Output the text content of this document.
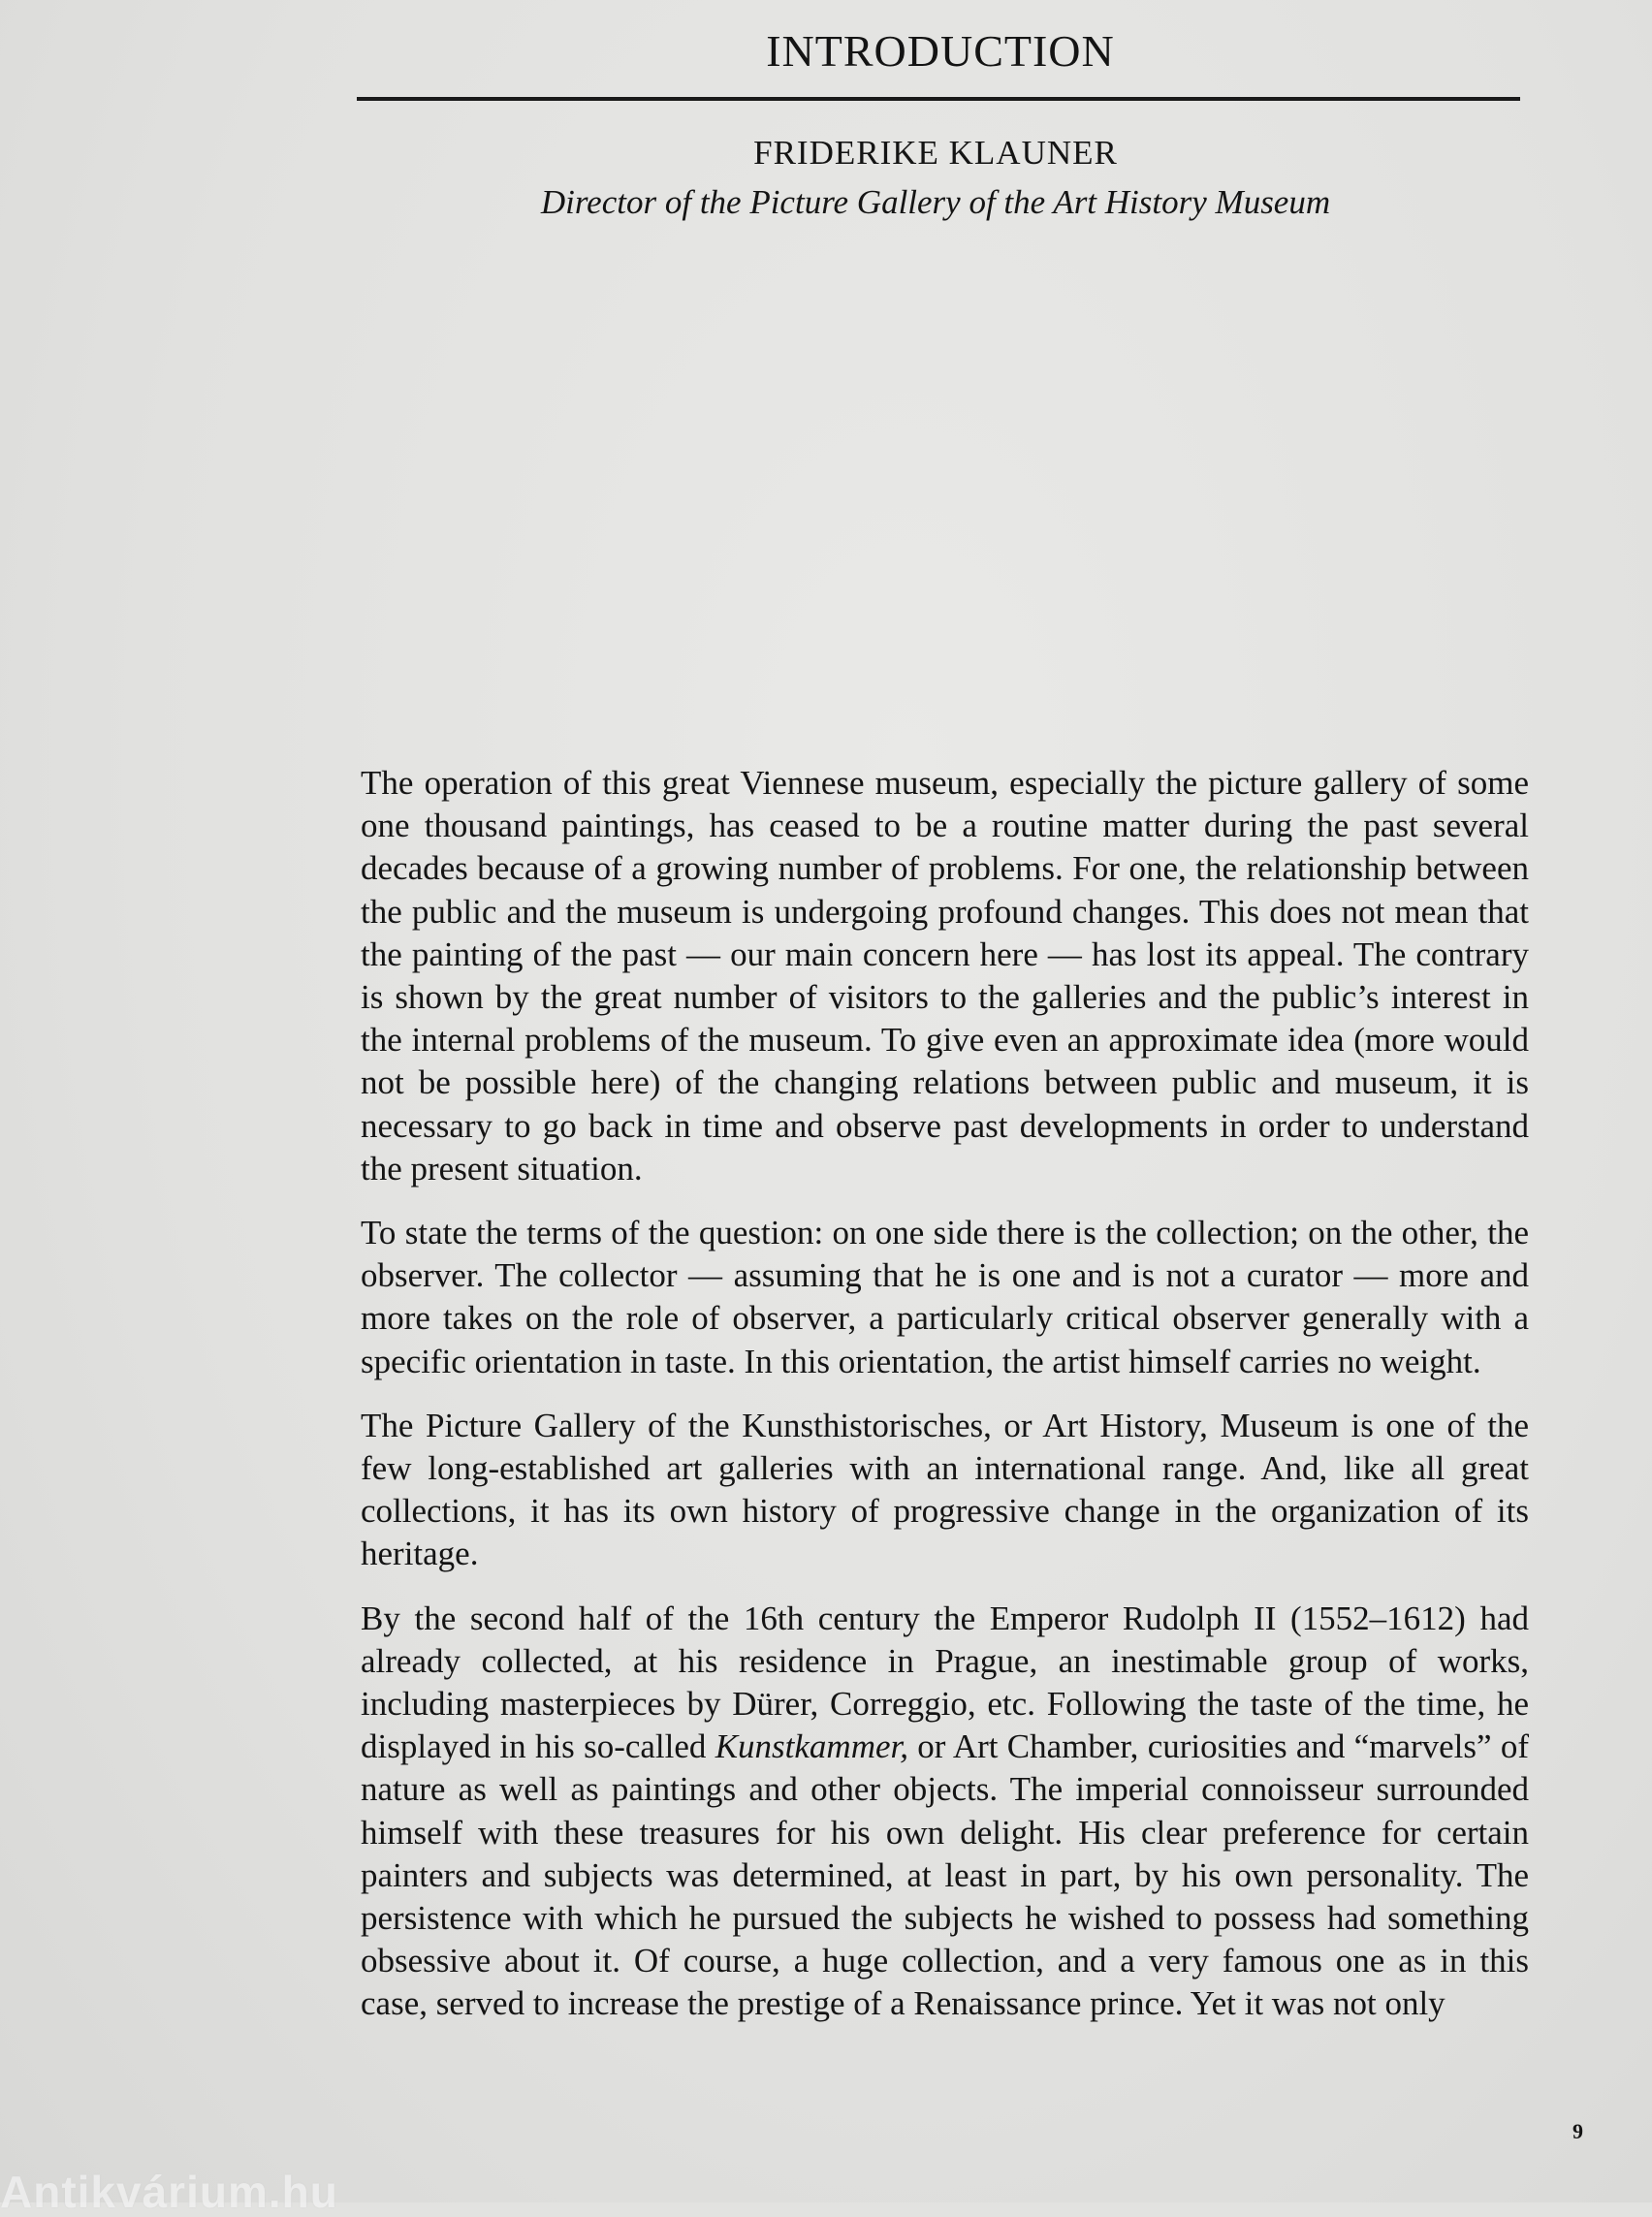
INTRODUCTION
FRIDERIKE KLAUNER
Director of the Picture Gallery of the Art History Museum

The operation of this great Viennese museum, especially the picture gallery of some one thousand paintings, has ceased to be a routine matter during the past several decades because of a growing number of problems. For one, the relationship between the public and the museum is undergoing profound changes. This does not mean that the painting of the past — our main concern here — has lost its appeal. The contrary is shown by the great number of visitors to the galleries and the public’s interest in the internal problems of the museum. To give even an approximate idea (more would not be possible here) of the changing relations between public and museum, it is necessary to go back in time and observe past developments in order to understand the present situation.

To state the terms of the question: on one side there is the collection; on the other, the observer. The collector — assuming that he is one and is not a curator — more and more takes on the role of observer, a particularly critical observer generally with a specific orientation in taste. In this orientation, the artist himself carries no weight.

The Picture Gallery of the Kunsthistorisches, or Art History, Museum is one of the few long-established art galleries with an international range. And, like all great collections, it has its own history of progressive change in the organization of its heritage.

By the second half of the 16th century the Emperor Rudolph II (1552–1612) had already collected, at his residence in Prague, an inestimable group of works, including masterpieces by Dürer, Correggio, etc. Following the taste of the time, he displayed in his so-called Kunstkammer, or Art Chamber, curiosities and “marvels” of nature as well as paintings and other objects. The imperial connoisseur surrounded himself with these treasures for his own delight. His clear preference for certain painters and subjects was determined, at least in part, by his own personality. The persistence with which he pursued the subjects he wished to possess had something obsessive about it. Of course, a huge collection, and a very famous one as in this case, served to increase the prestige of a Renaissance prince. Yet it was not only

9
Antikvárium.hu
